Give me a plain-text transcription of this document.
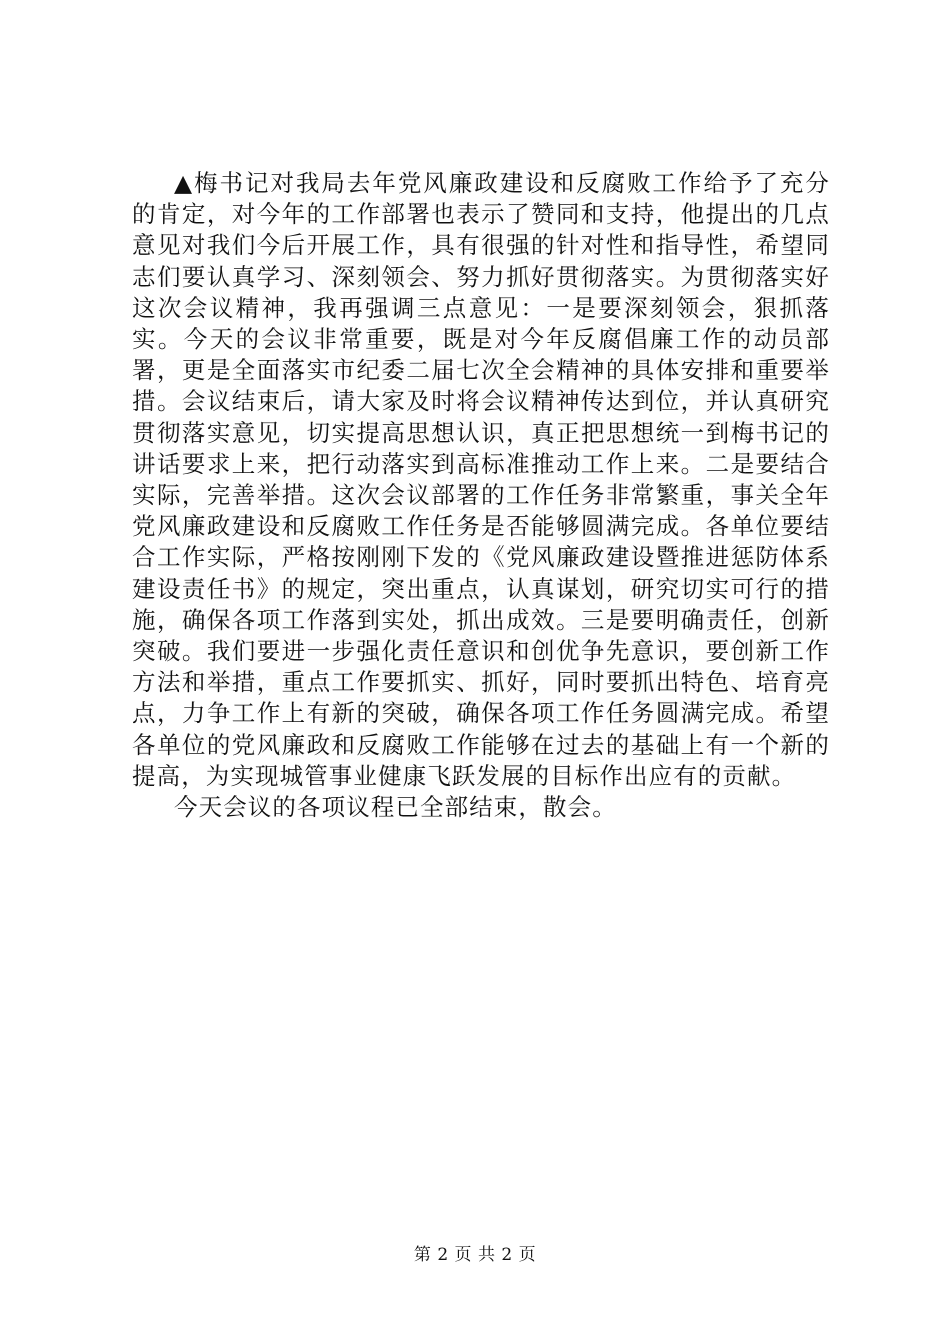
▲梅书记对我局去年党风廉政建设和反腐败工作给予了充分的肯定，对今年的工作部署也表示了赞同和支持，他提出的几点意见对我们今后开展工作，具有很强的针对性和指导性，希望同志们要认真学习、深刻领会、努力抓好贯彻落实。为贯彻落实好这次会议精神，我再强调三点意见：一是要深刻领会，狠抓落实。今天的会议非常重要，既是对今年反腐倡廉工作的动员部署，更是全面落实市纪委二届七次全会精神的具体安排和重要举措。会议结束后，请大家及时将会议精神传达到位，并认真研究贯彻落实意见，切实提高思想认识，真正把思想统一到梅书记的讲话要求上来，把行动落实到高标准推动工作上来。二是要结合实际，完善举措。这次会议部署的工作任务非常繁重，事关全年党风廉政建设和反腐败工作任务是否能够圆满完成。各单位要结合工作实际，严格按刚刚下发的《党风廉政建设暨推进惩防体系建设责任书》的规定，突出重点，认真谋划，研究切实可行的措施，确保各项工作落到实处，抓出成效。三是要明确责任，创新突破。我们要进一步强化责任意识和创优争先意识，要创新工作方法和举措，重点工作要抓实、抓好，同时要抓出特色、培育亮点，力争工作上有新的突破，确保各项工作任务圆满完成。希望各单位的党风廉政和反腐败工作能够在过去的基础上有一个新的提高，为实现城管事业健康飞跃发展的目标作出应有的贡献。

今天会议的各项议程已全部结束，散会。

第 2 页 共 2 页
